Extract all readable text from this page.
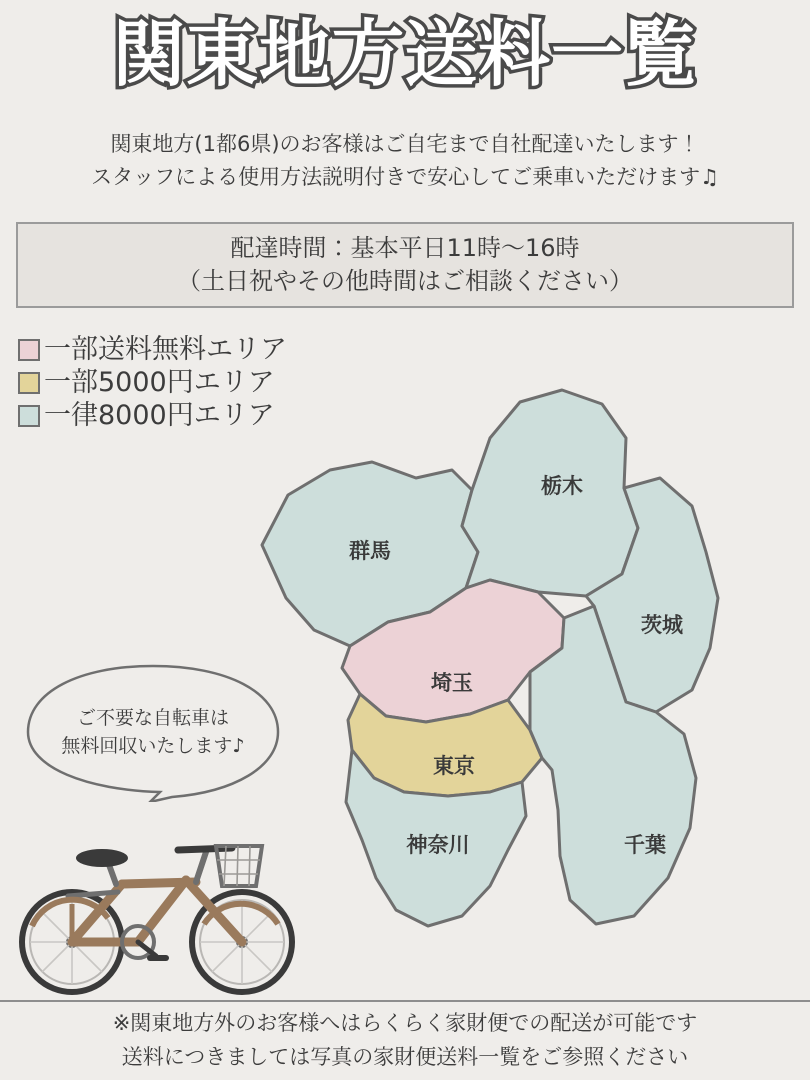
関東地方送料一覧
関東地方(1都6県)のお客様はご自宅まで自社配達いたします！
スタッフによる使用方法説明付きで安心してご乗車いただけます♫
配達時間：基本平日11時〜16時
（土日祝やその他時間はご相談ください）
一部送料無料エリア
一部5000円エリア
一律8000円エリア
群馬
栃木
茨城
埼玉
東京
神奈川	千葉
ご不要な自転車は
無料回収いたします♪
※関東地方外のお客様へはらくらく家財便での配送が可能です
送料につきましては写真の家財便送料一覧をご参照ください
